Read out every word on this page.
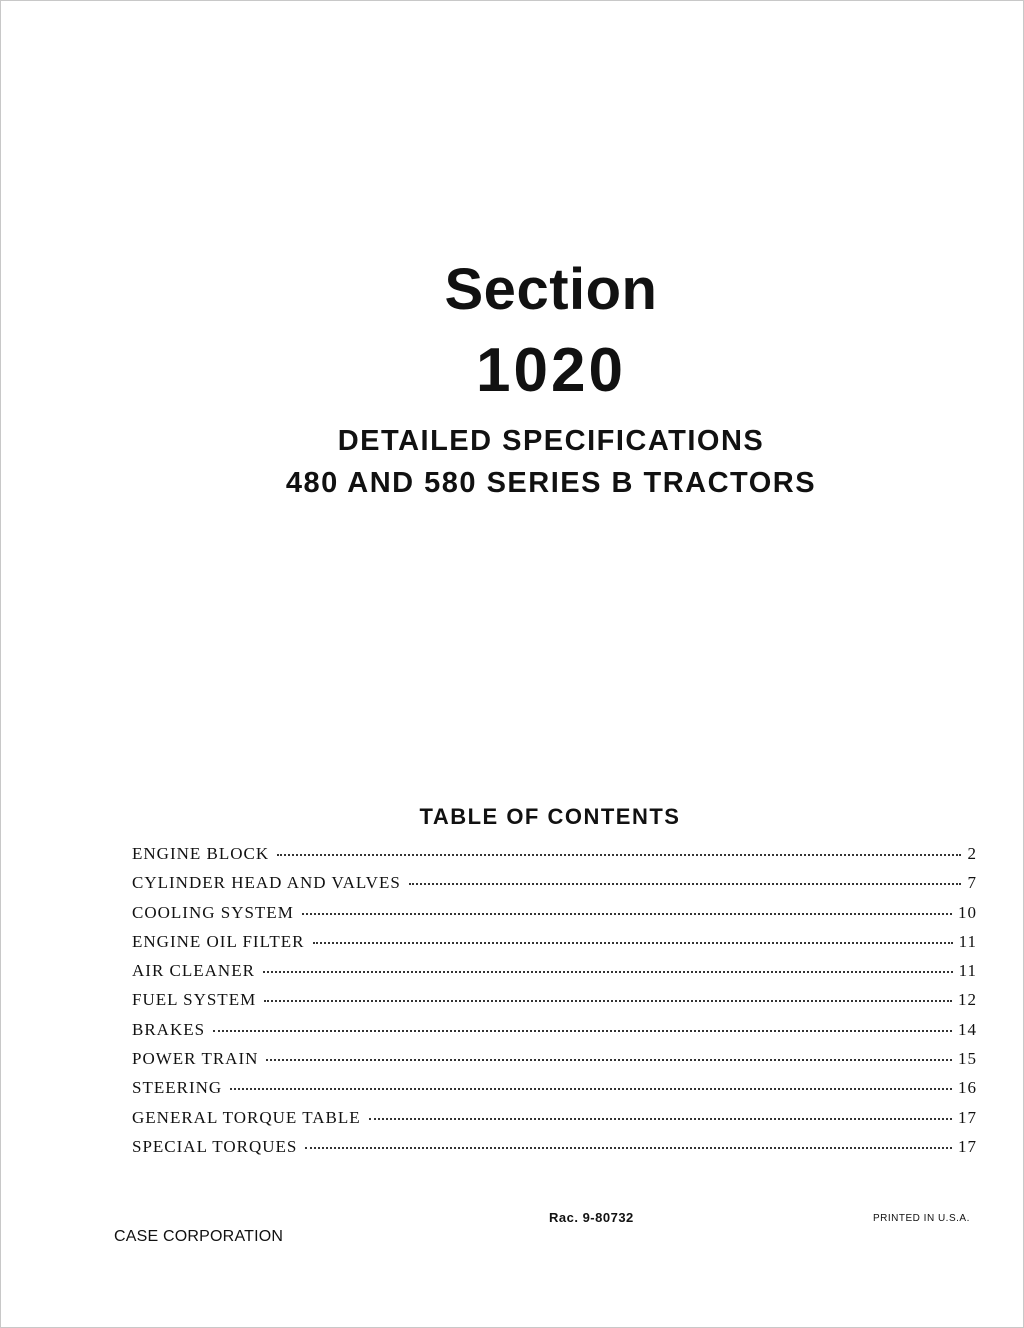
Section
1020
DETAILED SPECIFICATIONS
480 AND 580 SERIES B TRACTORS
TABLE OF CONTENTS
ENGINE BLOCK	2
CYLINDER HEAD AND VALVES	7
COOLING SYSTEM	10
ENGINE OIL FILTER	11
AIR CLEANER	11
FUEL SYSTEM	12
BRAKES	14
POWER TRAIN	15
STEERING	16
GENERAL TORQUE TABLE	17
SPECIAL TORQUES	17
Rac. 9-80732	PRINTED IN U.S.A.
CASE CORPORATION
